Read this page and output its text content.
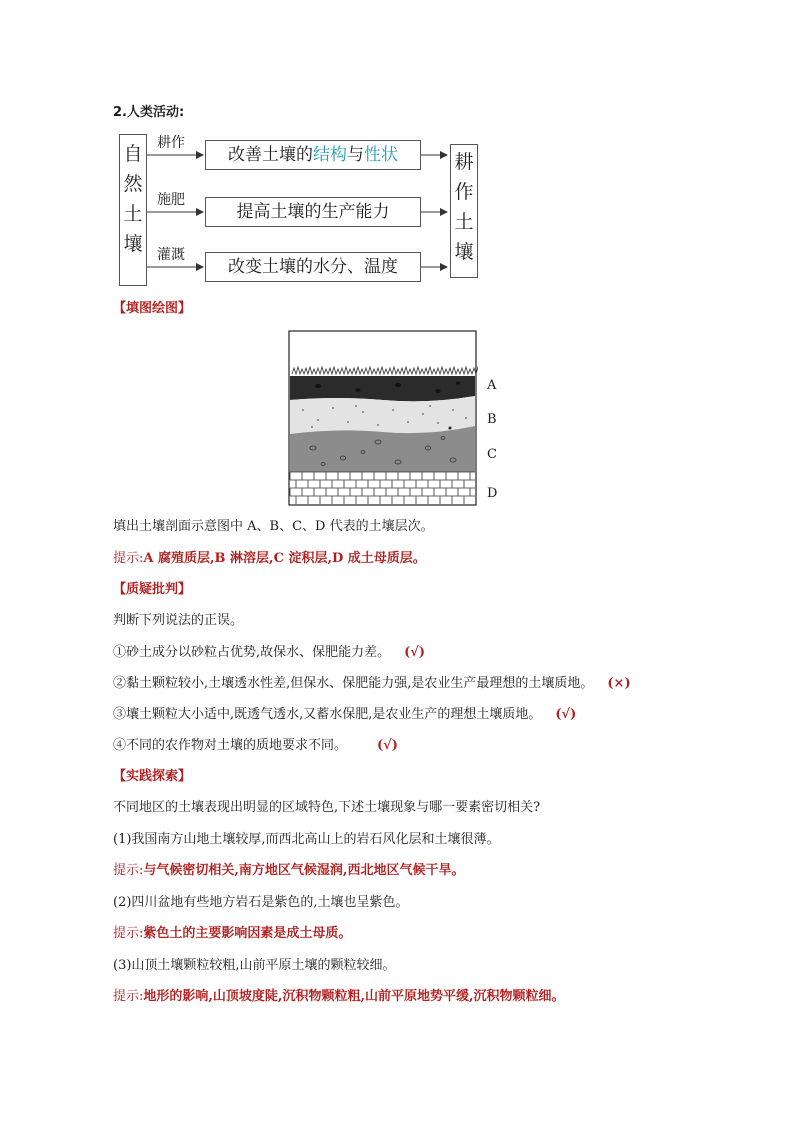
2.人类活动:
自
然
土
壤
耕
作
土
壤
耕作
施肥
灌溉
改善土壤的结构与性状
提高土壤的生产能力
改变土壤的水分、温度
【填图绘图】
A
B
C
D
填出土壤剖面示意图中 A、B、C、D 代表的土壤层次。
提示:A 腐殖质层,B 淋溶层,C 淀积层,D 成土母质层。
【质疑批判】
判断下列说法的正误。
①砂土成分以砂粒占优势,故保水、保肥能力差。 (√)
②黏土颗粒较小,土壤透水性差,但保水、保肥能力强,是农业生产最理想的土壤质地。 (×)
③壤土颗粒大小适中,既透气透水,又蓄水保肥,是农业生产的理想土壤质地。 (√)
④不同的农作物对土壤的质地要求不同。 (√)
【实践探索】
不同地区的土壤表现出明显的区域特色,下述土壤现象与哪一要素密切相关?
(1)我国南方山地土壤较厚,而西北高山上的岩石风化层和土壤很薄。
提示:与气候密切相关,南方地区气候湿润,西北地区气候干旱。
(2)四川盆地有些地方岩石是紫色的,土壤也呈紫色。
提示:紫色土的主要影响因素是成土母质。
(3)山顶土壤颗粒较粗,山前平原土壤的颗粒较细。
提示:地形的影响,山顶坡度陡,沉积物颗粒粗,山前平原地势平缓,沉积物颗粒细。
